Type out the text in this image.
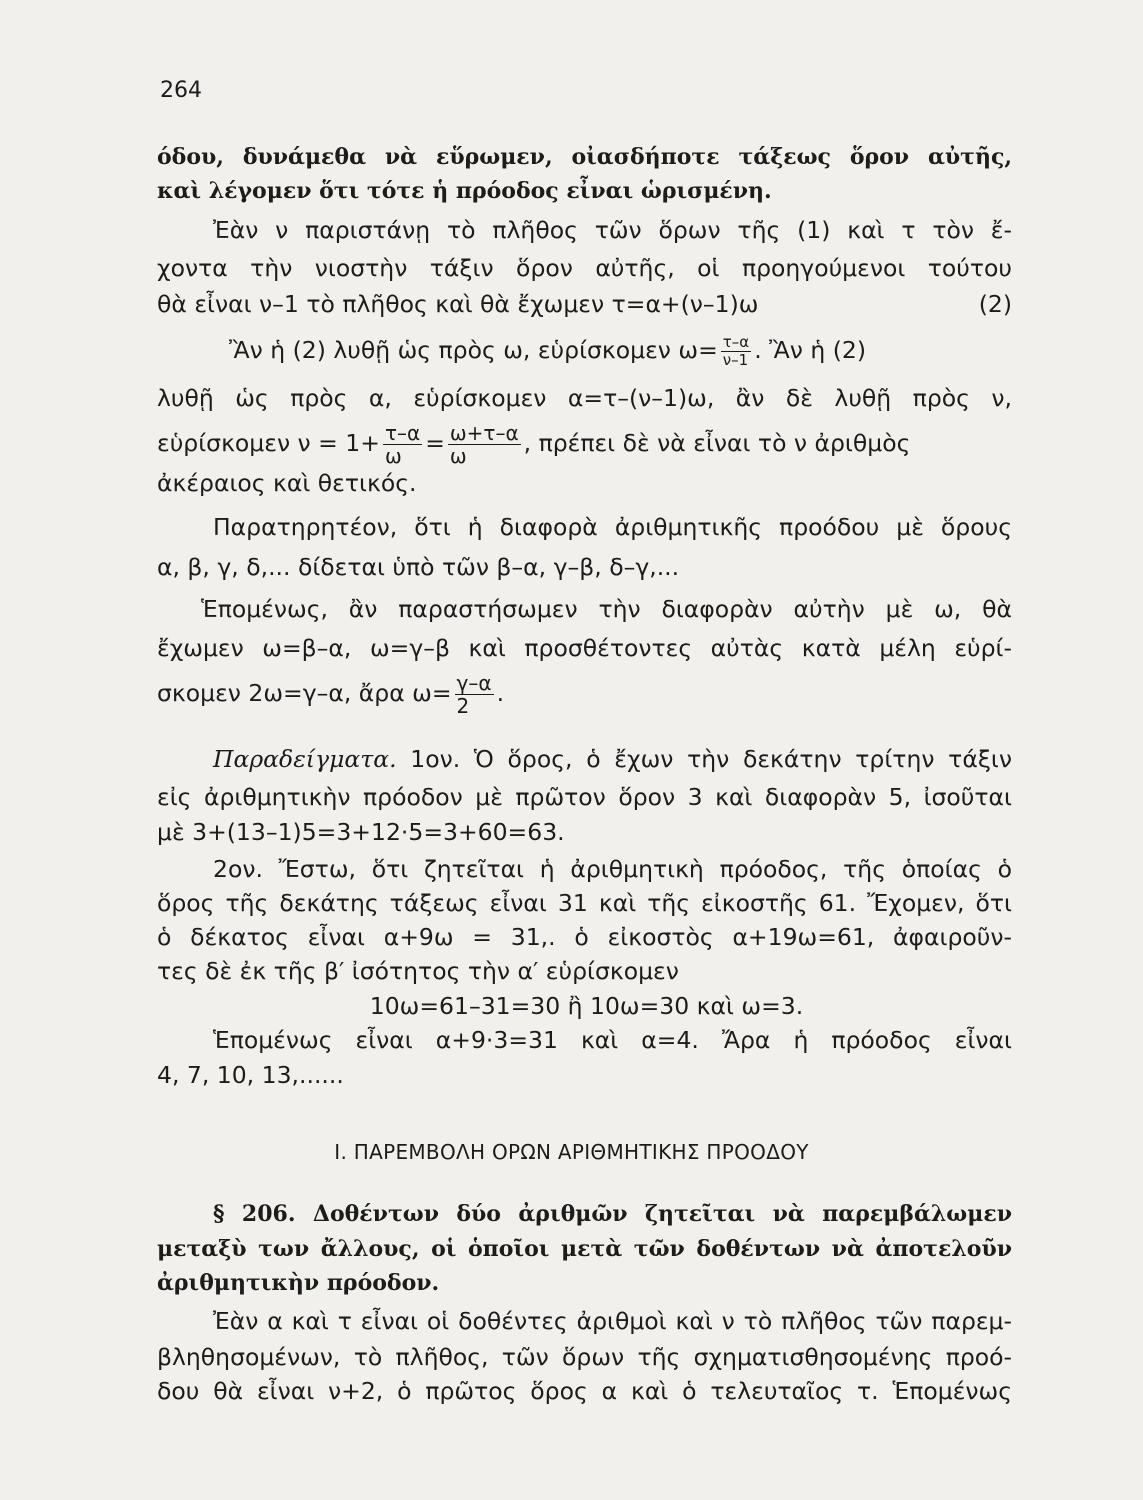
264
όδου, δυνάμεθα νὰ εὕρωμεν, οἰασδήποτε τάξεως ὅρον αὐτῆς,
καὶ λέγομεν ὅτι τότε ἡ πρόοδος εἶναι ὡρισμένη.
Ἐὰν ν παριστάνῃ τὸ πλῆθος τῶν ὅρων τῆς (1) καὶ τ τὸν ἔ-
χοντα τὴν νιοστὴν τάξιν ὅρον αὐτῆς, οἱ προηγούμενοι τούτου
θὰ εἶναι ν–1 τὸ πλῆθος καὶ θὰ ἔχωμεν τ=α+(ν–1)ω	(2)
Ἂν ἡ (2) λυθῇ ὡς πρὸς ω, εὑρίσκομεν $\omega= \frac{\tau-\alpha}{\nu-1}$ . Ἂν ἡ (2)
λυθῇ ὡς πρὸς α, εὑρίσκομεν α=τ–(ν–1)ω, ἂν δὲ λυθῇ πρὸς ν,
εὑρίσκομεν $\nu = 1+ \frac{\tau-\alpha}{\omega} = \frac{\omega+\tau-\alpha}{\omega}$ , πρέπει δὲ νὰ εἶναι τὸ ν ἀριθμὸς
ἀκέραιος καὶ θετικός.
Παρατηρητέον, ὅτι ἡ διαφορὰ ἀριθμητικῆς προόδου μὲ ὅρους
α, β, γ, δ,... δίδεται ὑπὸ τῶν β–α, γ–β, δ–γ,...
Ἑπομένως, ἂν παραστήσωμεν τὴν διαφορὰν αὐτὴν μὲ ω, θὰ
ἔχωμεν ω=β–α, ω=γ–β καὶ προσθέτοντες αὐτὰς κατὰ μέλη εὑρί-
σκομεν 2ω=γ–α, ἄρα $\omega= \frac{\gamma-\alpha}{2}$ .
Παραδείγματα. 1ον. Ὁ ὅρος, ὁ ἔχων τὴν δεκάτην τρίτην τάξιν
εἰς ἀριθμητικὴν πρόοδον μὲ πρῶτον ὅρον 3 καὶ διαφορὰν 5, ἰσοῦται
μὲ 3+(13–1)5=3+12·5=3+60=63.
2ον. Ἔστω, ὅτι ζητεῖται ἡ ἀριθμητικὴ πρόοδος, τῆς ὁποίας ὁ
ὅρος τῆς δεκάτης τάξεως εἶναι 31 καὶ τῆς εἰκοστῆς 61. Ἔχομεν, ὅτι
ὁ δέκατος εἶναι α+9ω = 31,. ὁ εἰκοστὸς α+19ω=61, ἀφαιροῦν-
τες δὲ ἐκ τῆς β′ ἰσότητος τὴν α′ εὑρίσκομεν
10ω=61–31=30 ἢ 10ω=30 καὶ ω=3.
Ἑπομένως εἶναι α+9·3=31 καὶ α=4. Ἄρα ἡ πρόοδος εἶναι
4, 7, 10, 13,......
I. ΠΑΡΕΜΒΟΛΗ ΟΡΩΝ ΑΡΙΘΜΗΤΙΚΗΣ ΠΡΟΟΔΟΥ
§ 206. Δοθέντων δύο ἀριθμῶν ζητεῖται νὰ παρεμβάλωμεν
μεταξὺ των ἄλλους, οἱ ὁποῖοι μετὰ τῶν δοθέντων νὰ ἀποτελοῦν
ἀριθμητικὴν πρόοδον.
Ἐὰν α καὶ τ εἶναι οἱ δοθέντες ἀριθμοὶ καὶ ν τὸ πλῆθος τῶν παρεμ-
βληθησομένων, τὸ πλῆθος, τῶν ὅρων τῆς σχηματισθησομένης προό-
δου θὰ εἶναι ν+2, ὁ πρῶτος ὅρος α καὶ ὁ τελευταῖος τ. Ἑπομένως
